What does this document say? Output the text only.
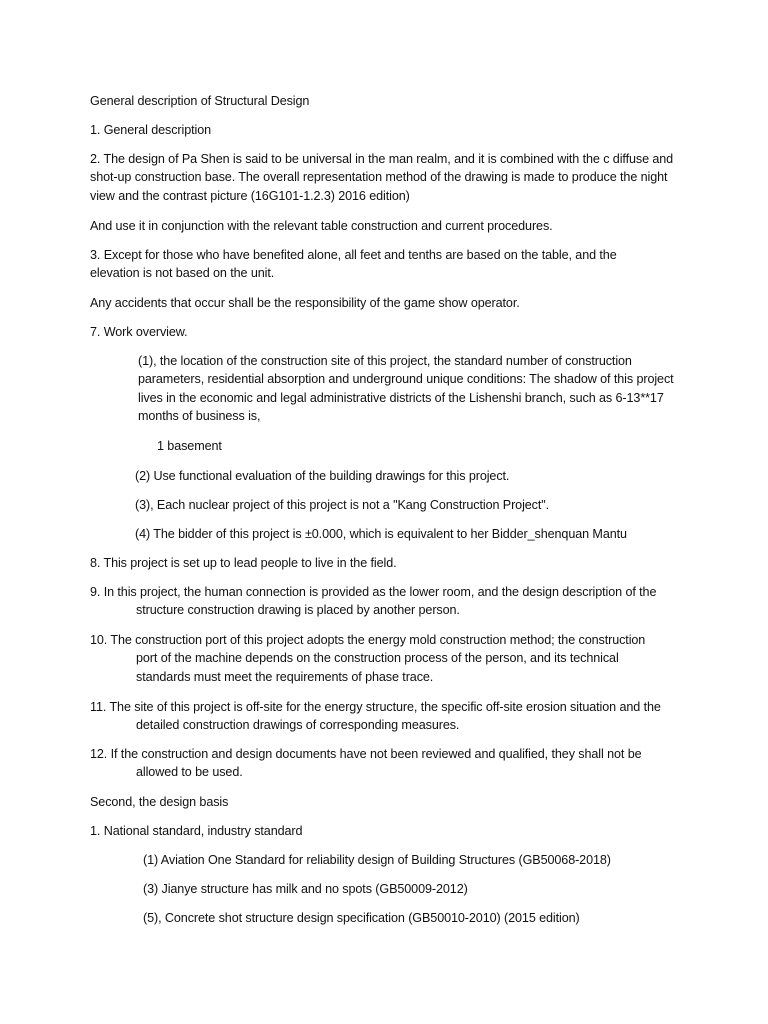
General description of Structural Design
1. General description
2. The design of Pa Shen is said to be universal in the man realm, and it is combined with the c diffuse and shot-up construction base. The overall representation method of the drawing is made to produce the night view and the contrast picture (16G101-1.2.3) 2016 edition)
And use it in conjunction with the relevant table construction and current procedures.
3. Except for those who have benefited alone, all feet and tenths are based on the table, and the elevation is not based on the unit.
Any accidents that occur shall be the responsibility of the game show operator.
7. Work overview.
(1), the location of the construction site of this project, the standard number of construction parameters, residential absorption and underground unique conditions: The shadow of this project lives in the economic and legal administrative districts of the Lishenshi branch, such as 6-13**17 months of business is,
1 basement
(2) Use functional evaluation of the building drawings for this project.
(3), Each nuclear project of this project is not a "Kang Construction Project".
(4) The bidder of this project is ±0.000, which is equivalent to her Bidder_shenquan Mantu
8. This project is set up to lead people to live in the field.
9. In this project, the human connection is provided as the lower room, and the design description of the
structure construction drawing is placed by another person.
10. The construction port of this project adopts the energy mold construction method; the construction
port of the machine depends on the construction process of the person, and its technical standards must meet the requirements of phase trace.
11. The site of this project is off-site for the energy structure, the specific off-site erosion situation and the
detailed construction drawings of corresponding measures.
12. If the construction and design documents have not been reviewed and qualified, they shall not be
allowed to be used.
Second, the design basis
1. National standard, industry standard
(1) Aviation One Standard for reliability design of Building Structures (GB50068-2018)
(3) Jianye structure has milk and no spots (GB50009-2012)
(5), Concrete shot structure design specification (GB50010-2010) (2015 edition)
